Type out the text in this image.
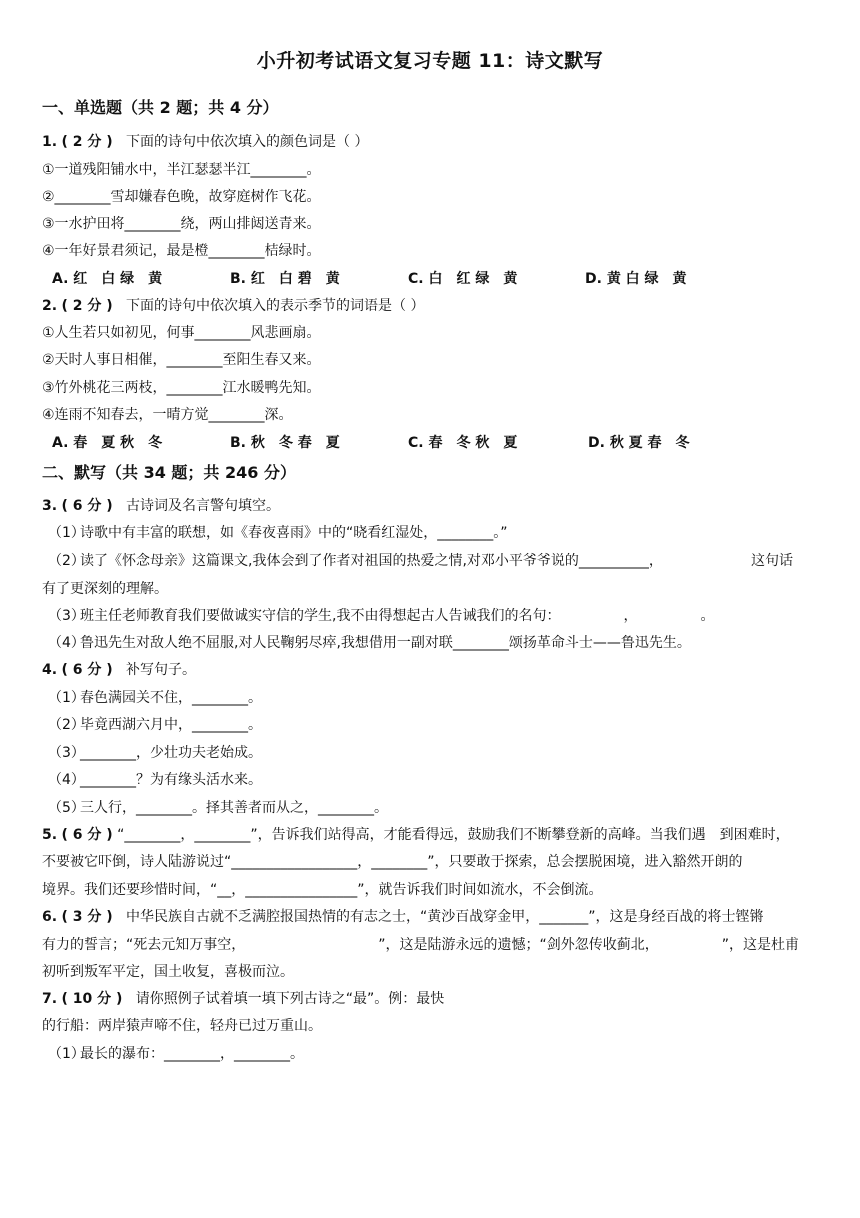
小升初考试语文复习专题 11：诗文默写
一、单选题（共 2 题；共 4 分）
1. ( 2 分 ) 下面的诗句中依次填入的颜色词是（ ）
①一道残阳铺水中，半江瑟瑟半江________。
②________雪却嫌春色晚，故穿庭树作飞花。
③一水护田将________绕，两山排闼送青来。
④一年好景君须记，最是橙________桔绿时。
A. 红　白 绿　黄	B. 红　白 碧　黄	C. 白　红 绿　黄	D. 黄 白 绿　黄
2. ( 2 分 ) 下面的诗句中依次填入的表示季节的词语是（ ）
①人生若只如初见，何事________风悲画扇。
②天时人事日相催，________至阳生春又来。
③竹外桃花三两枝，________江水暖鸭先知。
④连雨不知春去，一晴方觉________深。
A. 春　夏 秋　冬	B. 秋　冬 春　夏	C. 春　冬 秋　夏	D. 秋 夏 春　冬
二、默写（共 34 题；共 246 分）
3. ( 6 分 ) 古诗词及名言警句填空。
（1）诗歌中有丰富的联想，如《春夜喜雨》中的“晓看红湿处，________。”
（2）读了《怀念母亲》这篇课文,我体会到了作者对祖国的热爱之情,对邓小平爷爷说的__________，	这句话
有了更深刻的理解。
（3）班主任老师教育我们要做诚实守信的学生,我不由得想起古人告诫我们的名句：　　　　　，　　　　　。
（4）鲁迅先生对敌人绝不屈服,对人民鞠躬尽瘁,我想借用一副对联________颂扬革命斗士——鲁迅先生。
4. ( 6 分 ) 补写句子。
（1）春色满园关不住，________。
（2）毕竟西湖六月中，________。
（3）________，少壮功夫老始成。
（4）________？为有缘头活水来。
（5）三人行，________。择其善者而从之，________。
5. ( 6 分 ) “________，________”，告诉我们站得高，才能看得远，鼓励我们不断攀登新的高峰。当我们遇　到困难时，
不要被它吓倒，诗人陆游说过“__________________，________”，只要敢于探索，总会摆脱困境，进入豁然开朗的
境界。我们还要珍惜时间，“__，________________”，就告诉我们时间如流水，不会倒流。
6. ( 3 分 ) 中华民族自古就不乏满腔报国热情的有志之士，“黄沙百战穿金甲，_______”，这是身经百战的将士铿锵
有力的誓言；“死去元知万事空，　　　　　　　　　　”，这是陆游永远的遗憾；“剑外忽传收蓟北，　　　　　”，这是杜甫
初听到叛军平定，国土收复，喜极而泣。
7. ( 10 分 ) 请你照例子试着填一填下列古诗之“最”。例：最快
的行船：两岸猿声啼不住，轻舟已过万重山。
（1）最长的瀑布：________，________。
